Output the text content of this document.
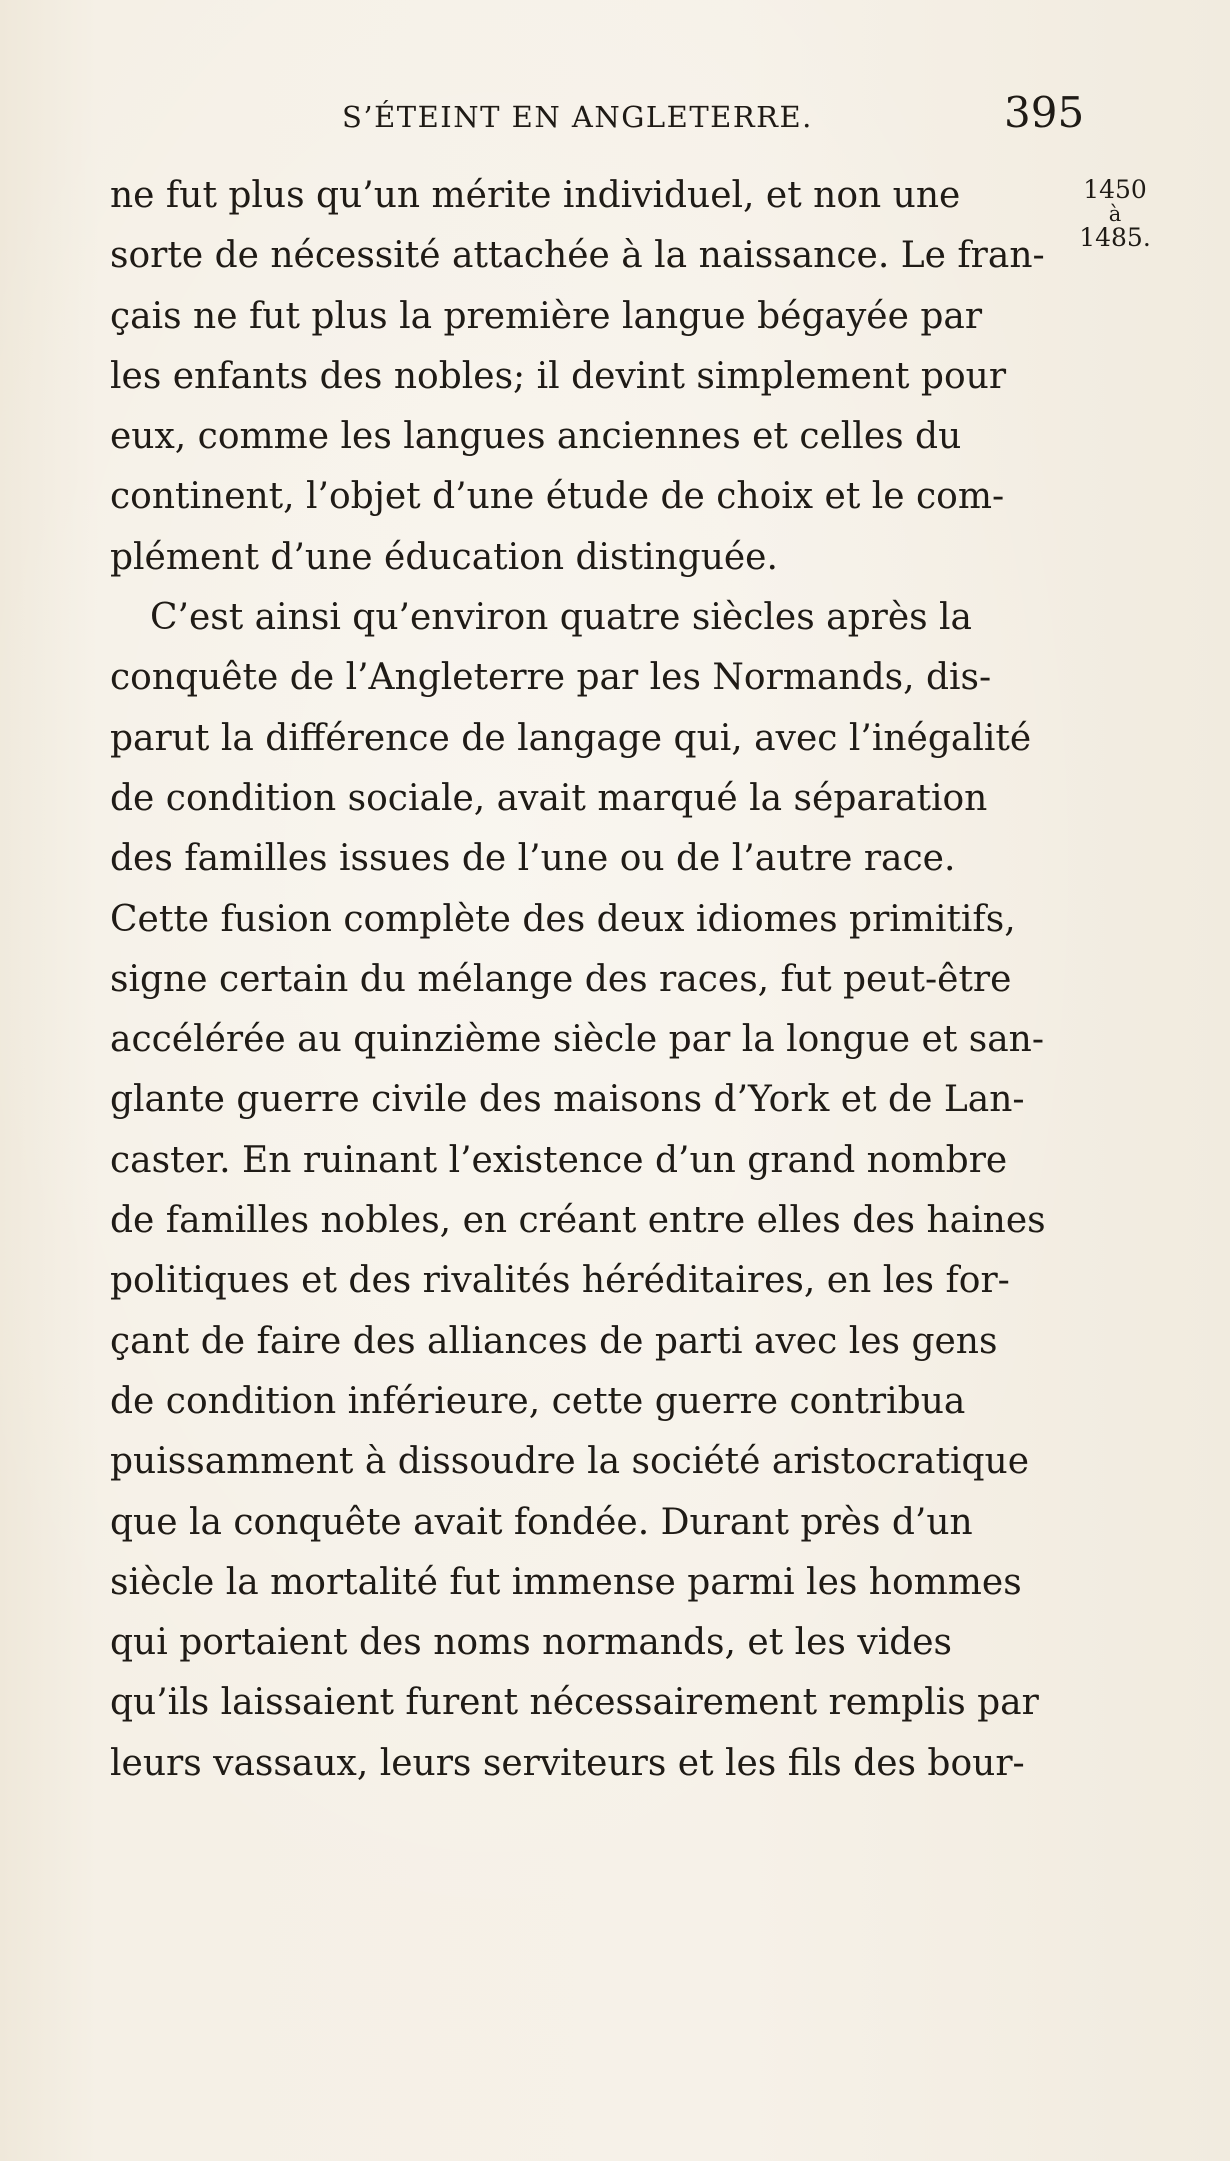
S’ÉTEINT EN ANGLETERRE.	395
1450
à
1485.
ne fut plus qu’un mérite individuel, et non une
sorte de nécessité attachée à la naissance. Le fran-
çais ne fut plus la première langue bégayée par
les enfants des nobles; il devint simplement pour
eux, comme les langues anciennes et celles du
continent, l’objet d’une étude de choix et le com-
plément d’une éducation distinguée.
C’est ainsi qu’environ quatre siècles après la
conquête de l’Angleterre par les Normands, dis-
parut la différence de langage qui, avec l’inégalité
de condition sociale, avait marqué la séparation
des familles issues de l’une ou de l’autre race.
Cette fusion complète des deux idiomes primitifs,
signe certain du mélange des races, fut peut-être
accélérée au quinzième siècle par la longue et san-
glante guerre civile des maisons d’York et de Lan-
caster. En ruinant l’existence d’un grand nombre
de familles nobles, en créant entre elles des haines
politiques et des rivalités héréditaires, en les for-
çant de faire des alliances de parti avec les gens
de condition inférieure, cette guerre contribua
puissamment à dissoudre la société aristocratique
que la conquête avait fondée. Durant près d’un
siècle la mortalité fut immense parmi les hommes
qui portaient des noms normands, et les vides
qu’ils laissaient furent nécessairement remplis par
leurs vassaux, leurs serviteurs et les fils des bour-
